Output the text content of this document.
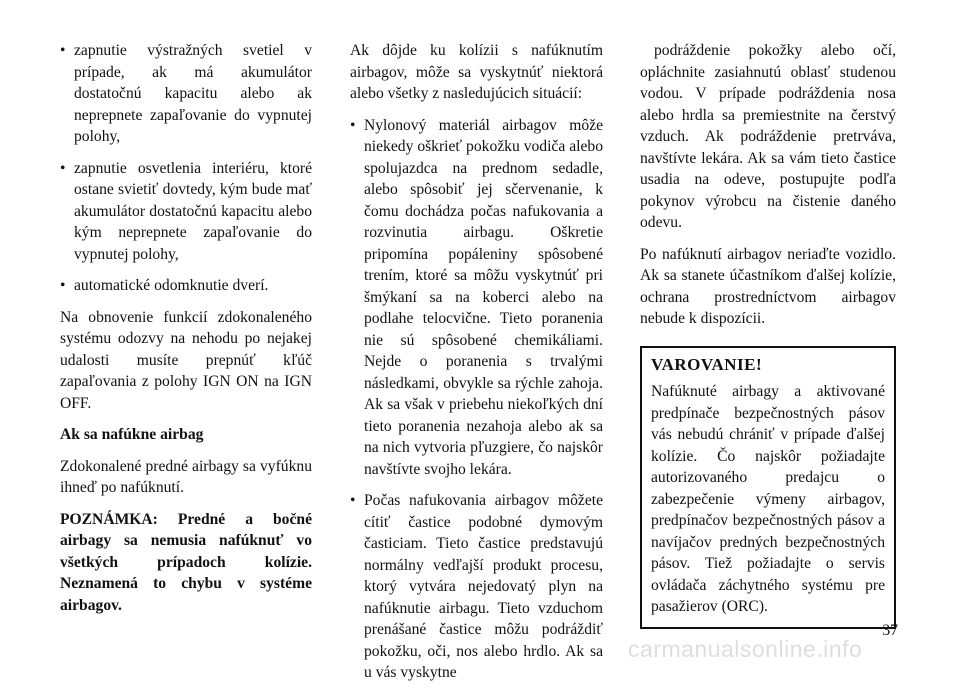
• zapnutie výstražných svetiel v prípade, ak má akumulátor dostatočnú kapacitu alebo ak neprepnete zapaľovanie do vypnutej polohy,
• zapnutie osvetlenia interiéru, ktoré ostane svietiť dovtedy, kým bude mať akumulátor dostatočnú kapacitu alebo kým neprepnete zapaľovanie do vypnutej polohy,
• automatické odomknutie dverí.

Na obnovenie funkcií zdokonaleného systému odozvy na nehodu po nejakej udalosti musíte prepnúť kľúč zapaľovania z polohy IGN ON na IGN OFF.

Ak sa nafúkne airbag

Zdokonalené predné airbagy sa vyfúknu ihneď po nafúknutí.

POZNÁMKA: Predné a bočné airbagy sa nemusia nafúknuť vo všetkých prípadoch kolízie. Neznamená to chybu v systéme airbagov.

Ak dôjde ku kolízii s nafúknutím airbagov, môže sa vyskytnúť niektorá alebo všetky z nasledujúcich situácií:

• Nylonový materiál airbagov môže niekedy oškrieť pokožku vodiča alebo spolujazdca na prednom sedadle, alebo spôsobiť jej sčervenanie, k čomu dochádza počas nafukovania a rozvinutia airbagu. Oškretie pripomína popáleniny spôsobené trením, ktoré sa môžu vyskytnúť pri šmýkaní sa na koberci alebo na podlahe telocvične. Tieto poranenia nie sú spôsobené chemikáliami. Nejde o poranenia s trvalými následkami, obvykle sa rýchle zahoja. Ak sa však v priebehu niekoľkých dní tieto poranenia nezahoja alebo ak sa na nich vytvoria pľuzgiere, čo najskôr navštívte svojho lekára.
• Počas nafukovania airbagov môžete cítiť častice podobné dymovým časticiam. Tieto častice predstavujú normálny vedľajší produkt procesu, ktorý vytvára nejedovatý plyn na nafúknutie airbagu. Tieto vzduchom prenášané častice môžu podráždiť pokožku, oči, nos alebo hrdlo. Ak sa u vás vyskytne

podráždenie pokožky alebo očí, opláchnite zasiahnutú oblasť studenou vodou. V prípade podráždenia nosa alebo hrdla sa premiestnite na čerstvý vzduch. Ak podráždenie pretrváva, navštívte lekára. Ak sa vám tieto častice usadia na odeve, postupujte podľa pokynov výrobcu na čistenie daného odevu.

Po nafúknutí airbagov neriaďte vozidlo. Ak sa stanete účastníkom ďalšej kolízie, ochrana prostredníctvom airbagov nebude k dispozícii.

VAROVANIE!

Nafúknuté airbagy a aktivované predpínače bezpečnostných pásov vás nebudú chrániť v prípade ďalšej kolízie. Čo najskôr požiadajte autorizovaného predajcu o zabezpečenie výmeny airbagov, predpínačov bezpečnostných pásov a navíjačov predných bezpečnostných pásov. Tiež požiadajte o servis ovládača záchytného systému pre pasažierov (ORC).

37
carmanualsonline.info
